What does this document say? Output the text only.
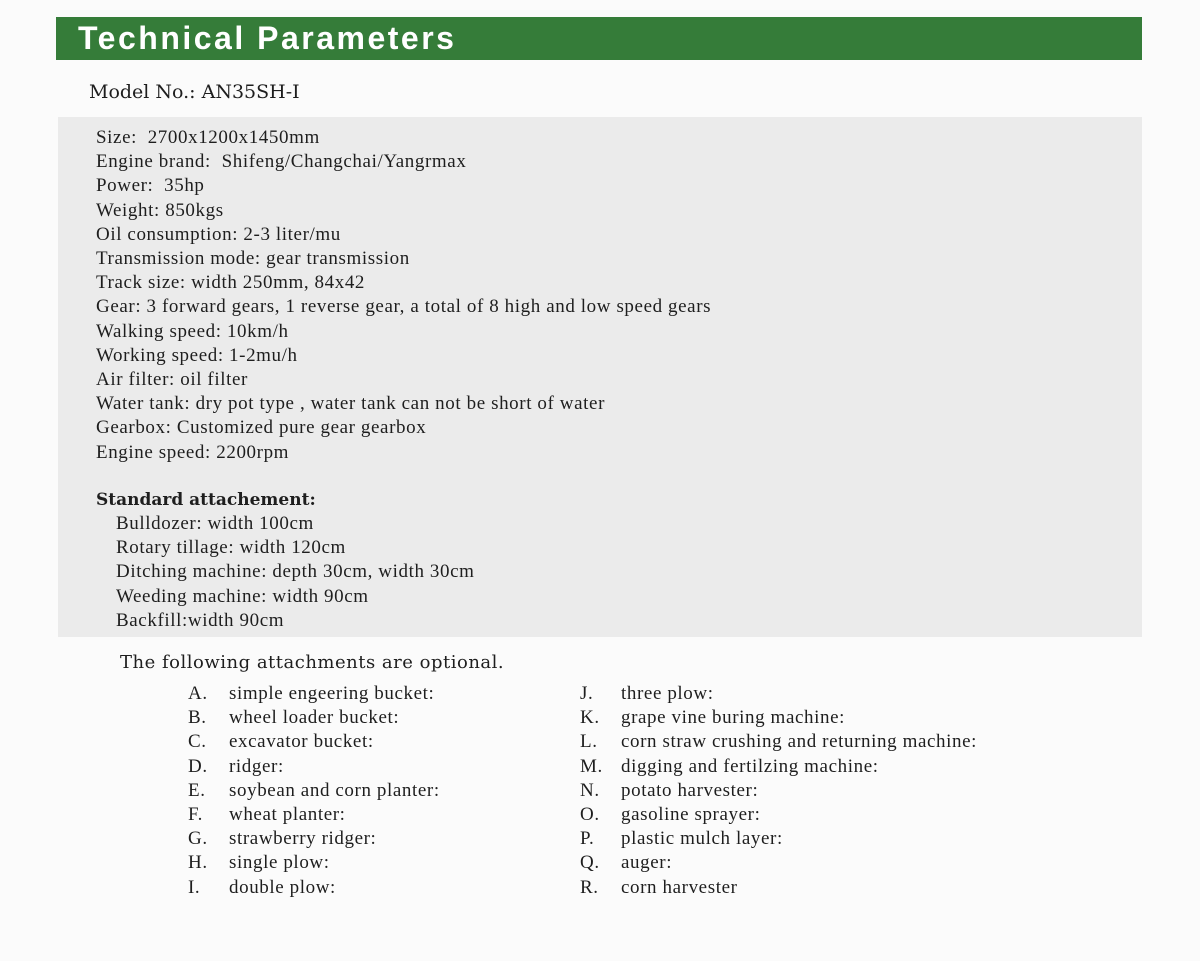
Technical Parameters
Model No.: AN35SH-I
Size:  2700x1200x1450mm
Engine brand:  Shifeng/Changchai/Yangrmax
Power:  35hp
Weight: 850kgs
Oil consumption: 2-3 liter/mu
Transmission mode: gear transmission
Track size: width 250mm, 84x42
Gear: 3 forward gears, 1 reverse gear, a total of 8 high and low speed gears
Walking speed: 10km/h
Working speed: 1-2mu/h
Air filter: oil filter
Water tank: dry pot type , water tank can not be short of water
Gearbox: Customized pure gear gearbox
Engine speed: 2200rpm
Standard attachement:
Bulldozer: width 100cm
Rotary tillage: width 120cm
Ditching machine: depth 30cm, width 30cm
Weeding machine: width 90cm
Backfill:width 90cm
The following attachments are optional.
A. simple engeering bucket:
B. wheel loader bucket:
C. excavator bucket:
D. ridger:
E. soybean and corn planter:
F. wheat planter:
G. strawberry ridger:
H. single plow:
I. double plow:
J. three plow:
K. grape vine buring machine:
L. corn straw crushing and returning machine:
M. digging and fertilzing machine:
N. potato harvester:
O. gasoline sprayer:
P. plastic mulch layer:
Q. auger:
R. corn harvester
